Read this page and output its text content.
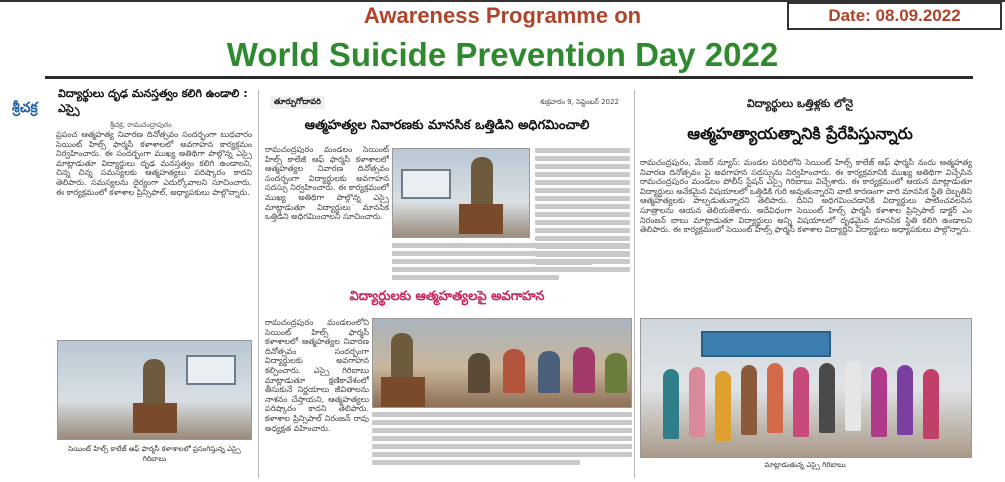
Awareness Programme on	Date: 08.09.2022
World Suicide Prevention Day 2022
శ్రీచక్ర
విద్యార్థులు దృఢ మనస్తత్వం కలిగి ఉండాలి : ఎస్సై
శ్రీచక్ర, రామచంద్రాపురం
ప్రపంచ ఆత్మహత్య నివారణ దినోత్సవం సందర్భంగా బుధవారం సెయింట్ హిల్స్ ఫార్మసీ కళాశాలలో అవగాహన కార్యక్రమం నిర్వహించారు. ఈ సందర్భంగా ముఖ్య అతిథిగా పాల్గొన్న ఎస్సై మాట్లాడుతూ విద్యార్థులు దృఢ మనస్తత్వం కలిగి ఉండాలని, చిన్న చిన్న సమస్యలకు ఆత్మహత్యలు పరిష్కారం కాదని తెలిపారు. సమస్యలను ధైర్యంగా ఎదుర్కోవాలని సూచించారు. ఈ కార్యక్రమంలో కళాశాల ప్రిన్సిపాల్, అధ్యాపకులు పాల్గొన్నారు.
సెయింట్ హిల్స్ కాలేజ్ ఆఫ్ ఫార్మసీ కళాశాలలో ప్రసంగిస్తున్న ఎస్సై గిరిబాబు
తూర్పుగోదావరి	శుక్రవారం 9, సెప్టెంబర్ 2022
ఆత్మహత్యల నివారణకు మానసిక ఒత్తిడిని అధిగమించాలి
రామచంద్రపురం మండలం సెయింట్ హిల్స్ కాలేజీ ఆఫ్ ఫార్మసీ కళాశాలలో ఆత్మహత్యల నివారణ దినోత్సవం సందర్భంగా విద్యార్థులకు అవగాహన సదస్సు నిర్వహించారు. ఈ కార్యక్రమంలో ముఖ్య అతిథిగా పాల్గొన్న ఎస్సై మాట్లాడుతూ విద్యార్థులు మానసిక ఒత్తిడిని అధిగమించాలని సూచించారు.
విద్యార్థులకు ఆత్మహత్యలపై అవగాహన
రామచంద్రపురం మండలంలోని సెయింట్ హిల్స్ ఫార్మసీ కళాశాలలో ఆత్మహత్యల నివారణ దినోత్సవం సందర్భంగా విద్యార్థులకు అవగాహన కల్పించారు. ఎస్సై గిరిబాబు మాట్లాడుతూ క్షణికావేశంలో తీసుకునే నిర్ణయాలు జీవితాలను నాశనం చేస్తాయని, ఆత్మహత్యలు పరిష్కారం కాదని తెలిపారు. కళాశాల ప్రిన్సిపాల్ నిరంజన్ రావు అధ్యక్షత వహించారు.
విద్యార్థులు ఒత్తిళ్లకు లోనై
ఆత్మహత్యాయత్నానికి ప్రేరేపిస్తున్నారు
రామచంద్రపురం, మేజర్ న్యూస్: మండల పరిధిలోని సెయింట్ హిల్స్ కాలేజ్ ఆఫ్ ఫార్మసీ నందు ఆత్మహత్య నివారణ దినోత్సవం పై అవగాహన సదస్సును నిర్వహించారు. ఈ కార్యక్రమానికి ముఖ్య అతిథిగా విచ్చేసిన రామచంద్రపురం మండలం పోలీస్ స్టేషన్ ఎస్సై గిరిబాబు విచ్చేశారు. ఈ కార్యక్రమంలో ఆయన మాట్లాడుతూ విద్యార్థులు అనేకమైన విషయాలలో ఒత్తిడికి గురి అవుతున్నారని వాటి కారణంగా వారి మానసిక స్థితి దెబ్బతిని ఆత్మహత్యలకు పాల్పడుతున్నారని తెలిపారు. దీనిని అధిగమించడానికి విద్యార్థులు పాటించవలసిన సూత్రాలను ఆయన తెలియజేశారు. అదేవిధంగా సెయింట్ హిల్స్ ఫార్మసీ కళాశాల ప్రిన్సిపాల్ డాక్టర్ ఎం నిరంజన్ బాబు మాట్లాడుతూ విద్యార్థులు అన్ని విషయాలలో దృఢమైన మానసిక స్థితి కలిగి ఉండాలని తెలిపారు. ఈ కార్యక్రమంలో సెయింట్ హిల్స్ ఫార్మసీ కళాశాల విద్యార్థిని విద్యార్థులు అధ్యాపకులు పాల్గొన్నారు.
మాట్లాడుతున్న ఎస్సై గిరిబాబు
